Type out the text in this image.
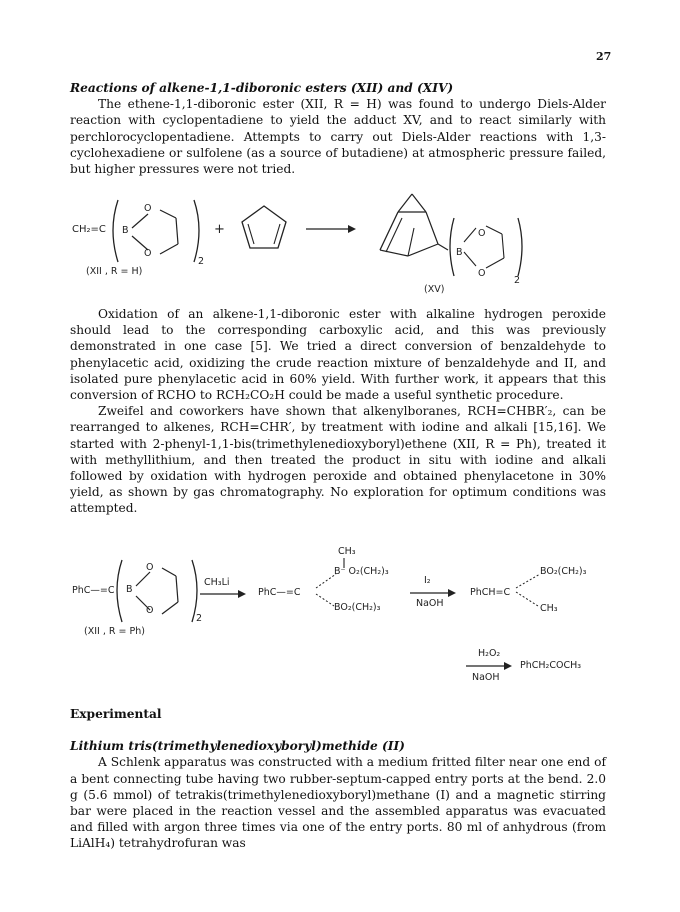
27
Reactions of alkene-1,1-diboronic esters (XII) and (XIV)

The ethene-1,1-diboronic ester (XII, R = H) was found to undergo Diels-Alder reaction with cyclopentadiene to yield the adduct XV, and to react similarly with perchlorocyclopentadiene. Attempts to carry out Diels-Alder reactions with 1,3-cyclohexadiene or sulfolene (as a source of butadiene) at atmospheric pressure failed, but higher pressures were not tried.

CH₂=C
O
B
O
2
+	O
B
O
2
(XII , R = H)
(XV)

Oxidation of an alkene-1,1-diboronic ester with alkaline hydrogen peroxide should lead to the corresponding carboxylic acid, and this was previously demonstrated in one case [5]. We tried a direct conversion of benzaldehyde to phenylacetic acid, oxidizing the crude reaction mixture of benzaldehyde and II, and isolated pure phenylacetic acid in 60% yield. With further work, it appears that this conversion of RCHO to RCH₂CO₂H could be made a useful synthetic procedure.

Zweifel and coworkers have shown that alkenylboranes, RCH=CHBR′₂, can be rearranged to alkenes, RCH=CHR′, by treatment with iodine and alkali [15,16]. We started with 2-phenyl-1,1-bis(trimethylenedioxyboryl)ethene (XII, R = Ph), treated it with methyllithium, and then treated the product in situ with iodine and alkali followed by oxidation with hydrogen peroxide and obtained phenylacetone in 30% yield, as shown by gas chromatography. No exploration for optimum conditions was attempted.

PhC—=C
O
B
O
2
CH₃Li
→ PhC—=C
CH₃
B⁻ O₂(CH₂)₃
BO₂(CH₂)₃
I₂
NaOH
PhCH=C
BO₂(CH₂)₃
CH₃
(XII , R = Ph)
H₂O₂
NaOH
PhCH₂COCH₃
Experimental
Lithium tris(trimethylenedioxyboryl)methide (II)

A Schlenk apparatus was constructed with a medium fritted filter near one end of a bent connecting tube having two rubber-septum-capped entry ports at the bend. 2.0 g (5.6 mmol) of tetrakis(trimethylenedioxyboryl)methane (I) and a magnetic stirring bar were placed in the reaction vessel and the assembled apparatus was evacuated and filled with argon three times via one of the entry ports. 80 ml of anhydrous (from LiAlH₄) tetrahydrofuran was
